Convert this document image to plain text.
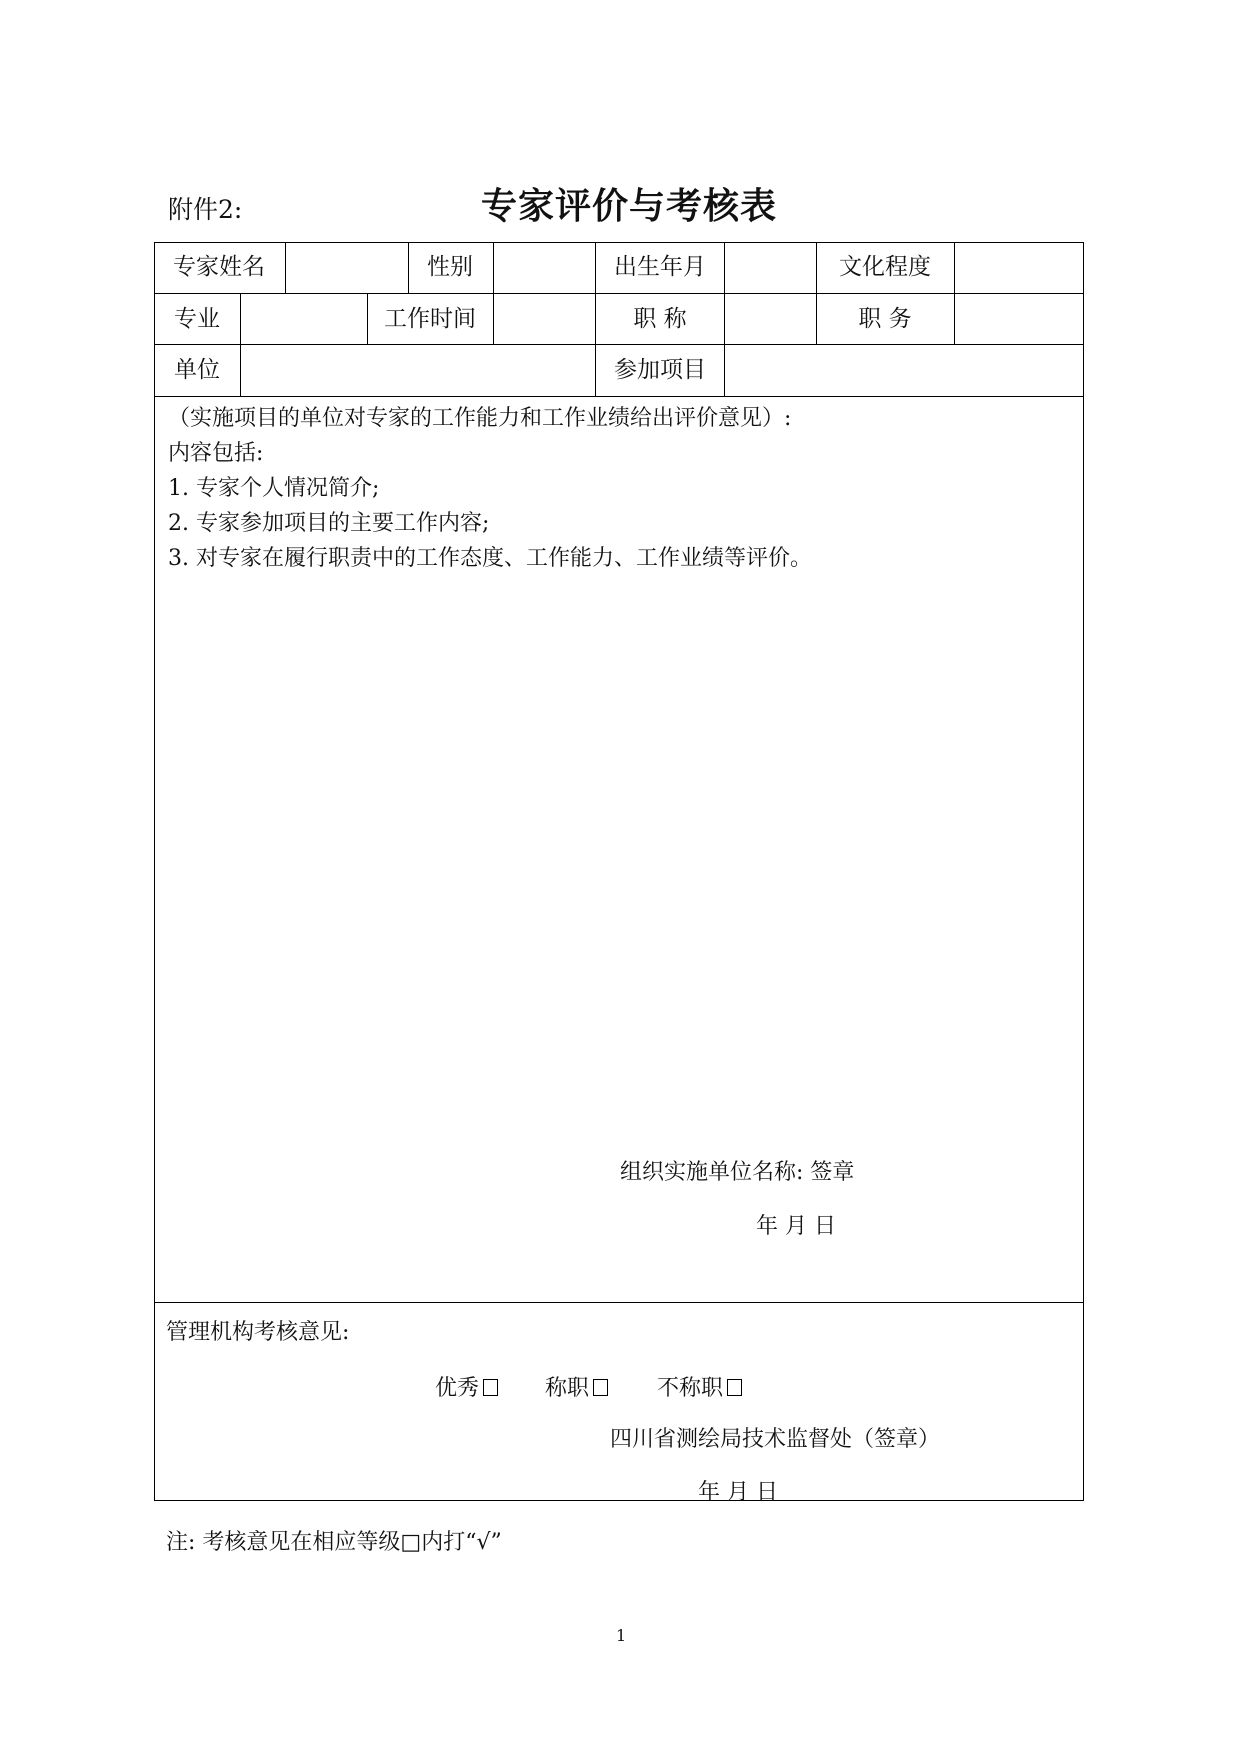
附件2:	专家评价与考核表
专家姓名	性别	出生年月	文化程度
专业	工作时间	职 称	职 务
单位	参加项目
（实施项目的单位对专家的工作能力和工作业绩给出评价意见）:
内容包括:
1. 专家个人情况简介;
2. 专家参加项目的主要工作内容;
3. 对专家在履行职责中的工作态度、工作能力、工作业绩等评价。
组织实施单位名称: 签章
年 月 日
管理机构考核意见:
优秀	称职	不称职
四川省测绘局技术监督处（签章）
年 月 日
注: 考核意见在相应等级□内打“√”
1
